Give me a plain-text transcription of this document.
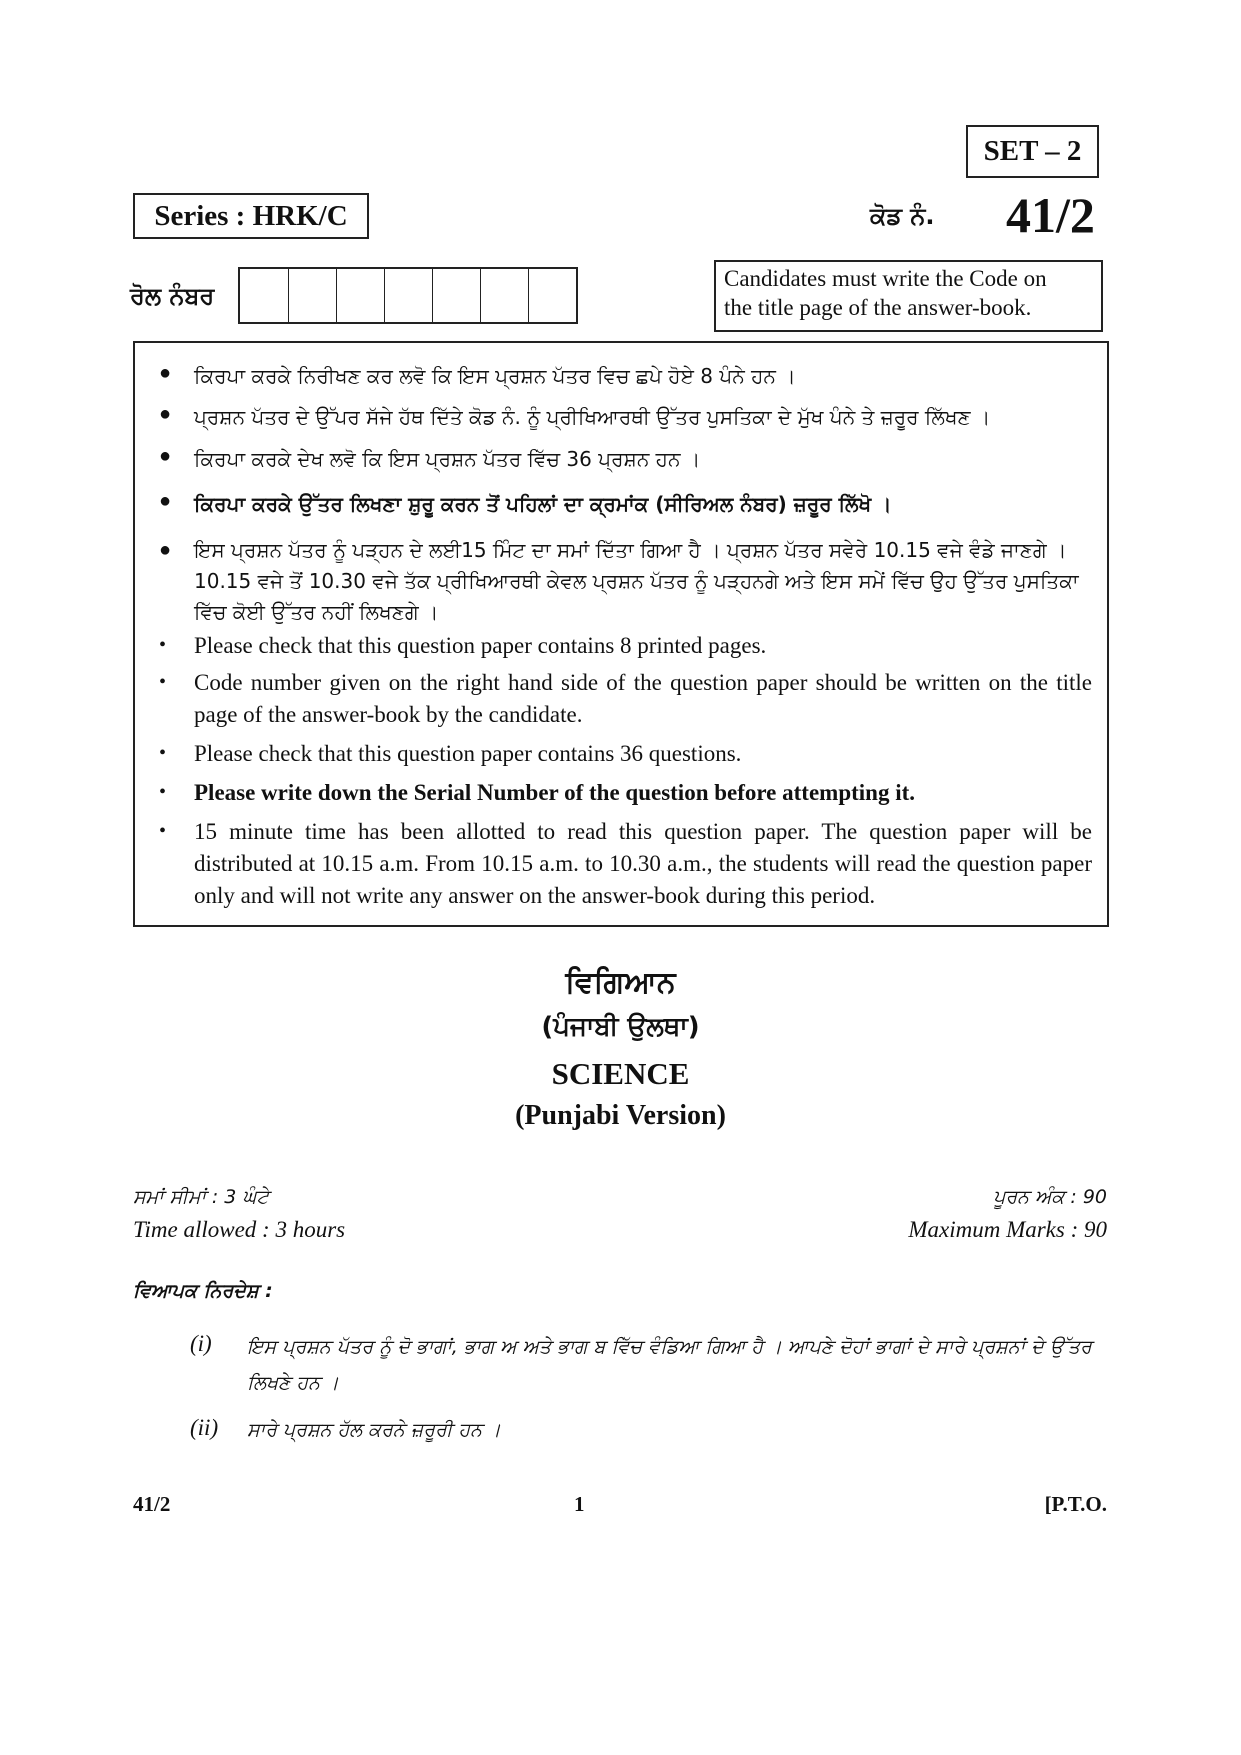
SET – 2
Series : HRK/C	ਕੋਡ ਨੰ. 41/2
ਰੋਲ ਨੰਬਰ
Candidates must write the Code on
the title page of the answer-book.
● ਕਿਰਪਾ ਕਰਕੇ ਨਿਰੀਖਣ ਕਰ ਲਵੋ ਕਿ ਇਸ ਪ੍ਰਸ਼ਨ ਪੱਤਰ ਵਿਚ ਛਪੇ ਹੋਏ 8 ਪੰਨੇ ਹਨ ।
● ਪ੍ਰਸ਼ਨ ਪੱਤਰ ਦੇ ਉੱਪਰ ਸੱਜੇ ਹੱਥ ਦਿੱਤੇ ਕੋਡ ਨੰ. ਨੂੰ ਪ੍ਰੀਖਿਆਰਥੀ ਉੱਤਰ ਪੁਸਤਿਕਾ ਦੇ ਮੁੱਖ ਪੰਨੇ ਤੇ ਜ਼ਰੂਰ ਲਿੱਖਣ ।
● ਕਿਰਪਾ ਕਰਕੇ ਦੇਖ ਲਵੋ ਕਿ ਇਸ ਪ੍ਰਸ਼ਨ ਪੱਤਰ ਵਿੱਚ 36 ਪ੍ਰਸ਼ਨ ਹਨ ।
● ਕਿਰਪਾ ਕਰਕੇ ਉੱਤਰ ਲਿਖਣਾ ਸ਼ੁਰੂ ਕਰਨ ਤੋਂ ਪਹਿਲਾਂ ਦਾ ਕ੍ਰਮਾਂਕ (ਸੀਰਿਅਲ ਨੰਬਰ) ਜ਼ਰੂਰ ਲਿੱਖੋ ।
● ਇਸ ਪ੍ਰਸ਼ਨ ਪੱਤਰ ਨੂੰ ਪੜ੍ਹਨ ਦੇ ਲਈ15 ਮਿੰਟ ਦਾ ਸਮਾਂ ਦਿੱਤਾ ਗਿਆ ਹੈ । ਪ੍ਰਸ਼ਨ ਪੱਤਰ ਸਵੇਰੇ 10.15 ਵਜੇ ਵੰਡੇ ਜਾਣਗੇ । 10.15 ਵਜੇ ਤੋਂ 10.30 ਵਜੇ ਤੱਕ ਪ੍ਰੀਖਿਆਰਥੀ ਕੇਵਲ ਪ੍ਰਸ਼ਨ ਪੱਤਰ ਨੂੰ ਪੜ੍ਹਨਗੇ ਅਤੇ ਇਸ ਸਮੇਂ ਵਿੱਚ ਉਹ ਉੱਤਰ ਪੁਸਤਿਕਾ ਵਿੱਚ ਕੋਈ ਉੱਤਰ ਨਹੀਂ ਲਿਖਣਗੇ ।
• Please check that this question paper contains 8 printed pages.
• Code number given on the right hand side of the question paper should be written on the title page of the answer-book by the candidate.
• Please check that this question paper contains 36 questions.
• Please write down the Serial Number of the question before attempting it.
• 15 minute time has been allotted to read this question paper. The question paper will be distributed at 10.15 a.m. From 10.15 a.m. to 10.30 a.m., the students will read the question paper only and will not write any answer on the answer-book during this period.
ਵਿਗਿਆਨ
(ਪੰਜਾਬੀ ਉਲਥਾ)
SCIENCE
(Punjabi Version)
ਸਮਾਂ ਸੀਮਾਂ : 3 ਘੰਟੇ
Time allowed : 3 hours
ਪੂਰਨ ਅੰਕ : 90
Maximum Marks : 90
ਵਿਆਪਕ ਨਿਰਦੇਸ਼ :
(i) ਇਸ ਪ੍ਰਸ਼ਨ ਪੱਤਰ ਨੂੰ ਦੋ ਭਾਗਾਂ, ਭਾਗ ਅ ਅਤੇ ਭਾਗ ਬ ਵਿੱਚ ਵੰਡਿਆ ਗਿਆ ਹੈ । ਆਪਣੇ ਦੋਹਾਂ ਭਾਗਾਂ ਦੇ ਸਾਰੇ ਪ੍ਰਸ਼ਨਾਂ ਦੇ ਉੱਤਰ ਲਿਖਣੇ ਹਨ ।
(ii) ਸਾਰੇ ਪ੍ਰਸ਼ਨ ਹੱਲ ਕਰਨੇ ਜ਼ਰੂਰੀ ਹਨ ।
41/2	1	[P.T.O.
